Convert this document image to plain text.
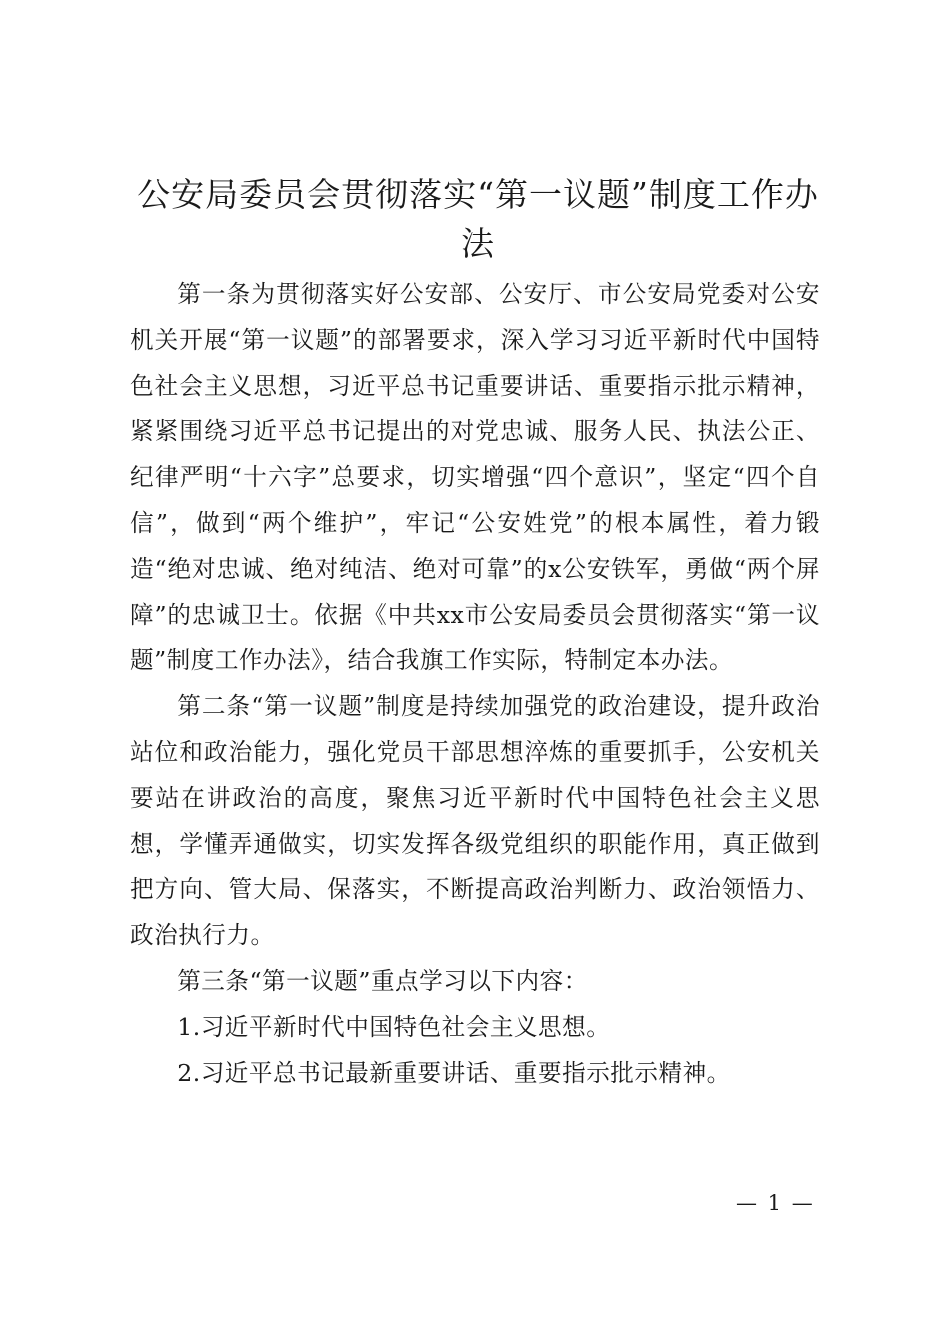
公安局委员会贯彻落实“第一议题”制度工作办法

第一条为贯彻落实好公安部、公安厅、市公安局党委对公安机关开展“第一议题”的部署要求，深入学习习近平新时代中国特色社会主义思想，习近平总书记重要讲话、重要指示批示精神，紧紧围绕习近平总书记提出的对党忠诚、服务人民、执法公正、纪律严明“十六字”总要求，切实增强“四个意识”，坚定“四个自信”，做到“两个维护”，牢记“公安姓党”的根本属性，着力锻造“绝对忠诚、绝对纯洁、绝对可靠”的x公安铁军，勇做“两个屏障”的忠诚卫士。依据《中共xx市公安局委员会贯彻落实“第一议题”制度工作办法》，结合我旗工作实际，特制定本办法。

第二条“第一议题”制度是持续加强党的政治建设，提升政治站位和政治能力，强化党员干部思想淬炼的重要抓手，公安机关要站在讲政治的高度，聚焦习近平新时代中国特色社会主义思想，学懂弄通做实，切实发挥各级党组织的职能作用，真正做到把方向、管大局、保落实，不断提高政治判断力、政治领悟力、政治执行力。

第三条“第一议题”重点学习以下内容：

1.习近平新时代中国特色社会主义思想。

2.习近平总书记最新重要讲话、重要指示批示精神。

— 1 —
